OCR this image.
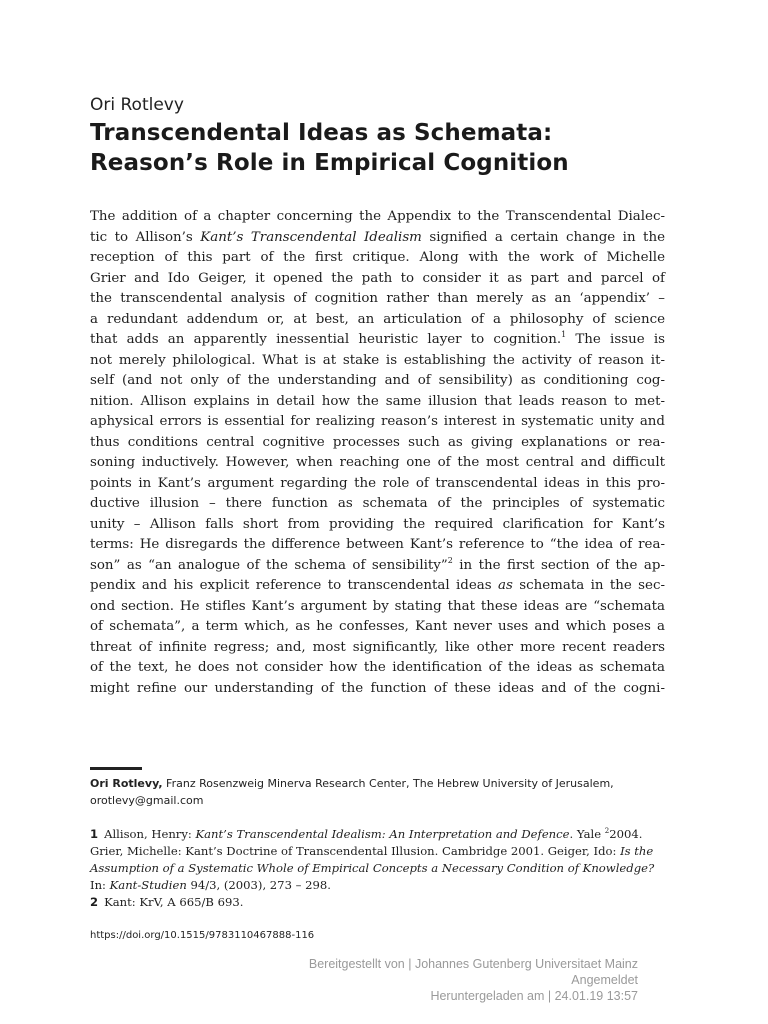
Ori Rotlevy
Transcendental Ideas as Schemata:
Reason’s Role in Empirical Cognition
The addition of a chapter concerning the Appendix to the Transcendental Dialec-
tic to Allison’s Kant’s Transcendental Idealism signified a certain change in the
reception of this part of the first critique. Along with the work of Michelle
Grier and Ido Geiger, it opened the path to consider it as part and parcel of
the transcendental analysis of cognition rather than merely as an ‘appendix’ –
a redundant addendum or, at best, an articulation of a philosophy of science
that adds an apparently inessential heuristic layer to cognition.$^1$ The issue is
not merely philological. What is at stake is establishing the activity of reason it-
self (and not only of the understanding and of sensibility) as conditioning cog-
nition. Allison explains in detail how the same illusion that leads reason to met-
aphysical errors is essential for realizing reason’s interest in systematic unity and
thus conditions central cognitive processes such as giving explanations or rea-
soning inductively. However, when reaching one of the most central and difficult
points in Kant’s argument regarding the role of transcendental ideas in this pro-
ductive illusion – there function as schemata of the principles of systematic
unity – Allison falls short from providing the required clarification for Kant’s
terms: He disregards the difference between Kant’s reference to “the idea of rea-
son” as “an analogue of the schema of sensibility”$^2$ in the first section of the ap-
pendix and his explicit reference to transcendental ideas as schemata in the sec-
ond section. He stifles Kant’s argument by stating that these ideas are “schemata
of schemata”, a term which, as he confesses, Kant never uses and which poses a
threat of infinite regress; and, most significantly, like other more recent readers
of the text, he does not consider how the identification of the ideas as schemata
might refine our understanding of the function of these ideas and of the cogni-
Ori Rotlevy, Franz Rosenzweig Minerva Research Center, The Hebrew University of Jerusalem,
orotlevy@gmail.com
1 Allison, Henry: Kant’s Transcendental Idealism: An Interpretation and Defence. Yale $^2$2004.
Grier, Michelle: Kant’s Doctrine of Transcendental Illusion. Cambridge 2001. Geiger, Ido: Is the
Assumption of a Systematic Whole of Empirical Concepts a Necessary Condition of Knowledge?
In: Kant-Studien 94/3, (2003), 273 – 298.
2 Kant: KrV, A 665/B 693.
https://doi.org/10.1515/9783110467888-116
Bereitgestellt von | Johannes Gutenberg Universitaet Mainz
Angemeldet
Heruntergeladen am | 24.01.19 13:57
